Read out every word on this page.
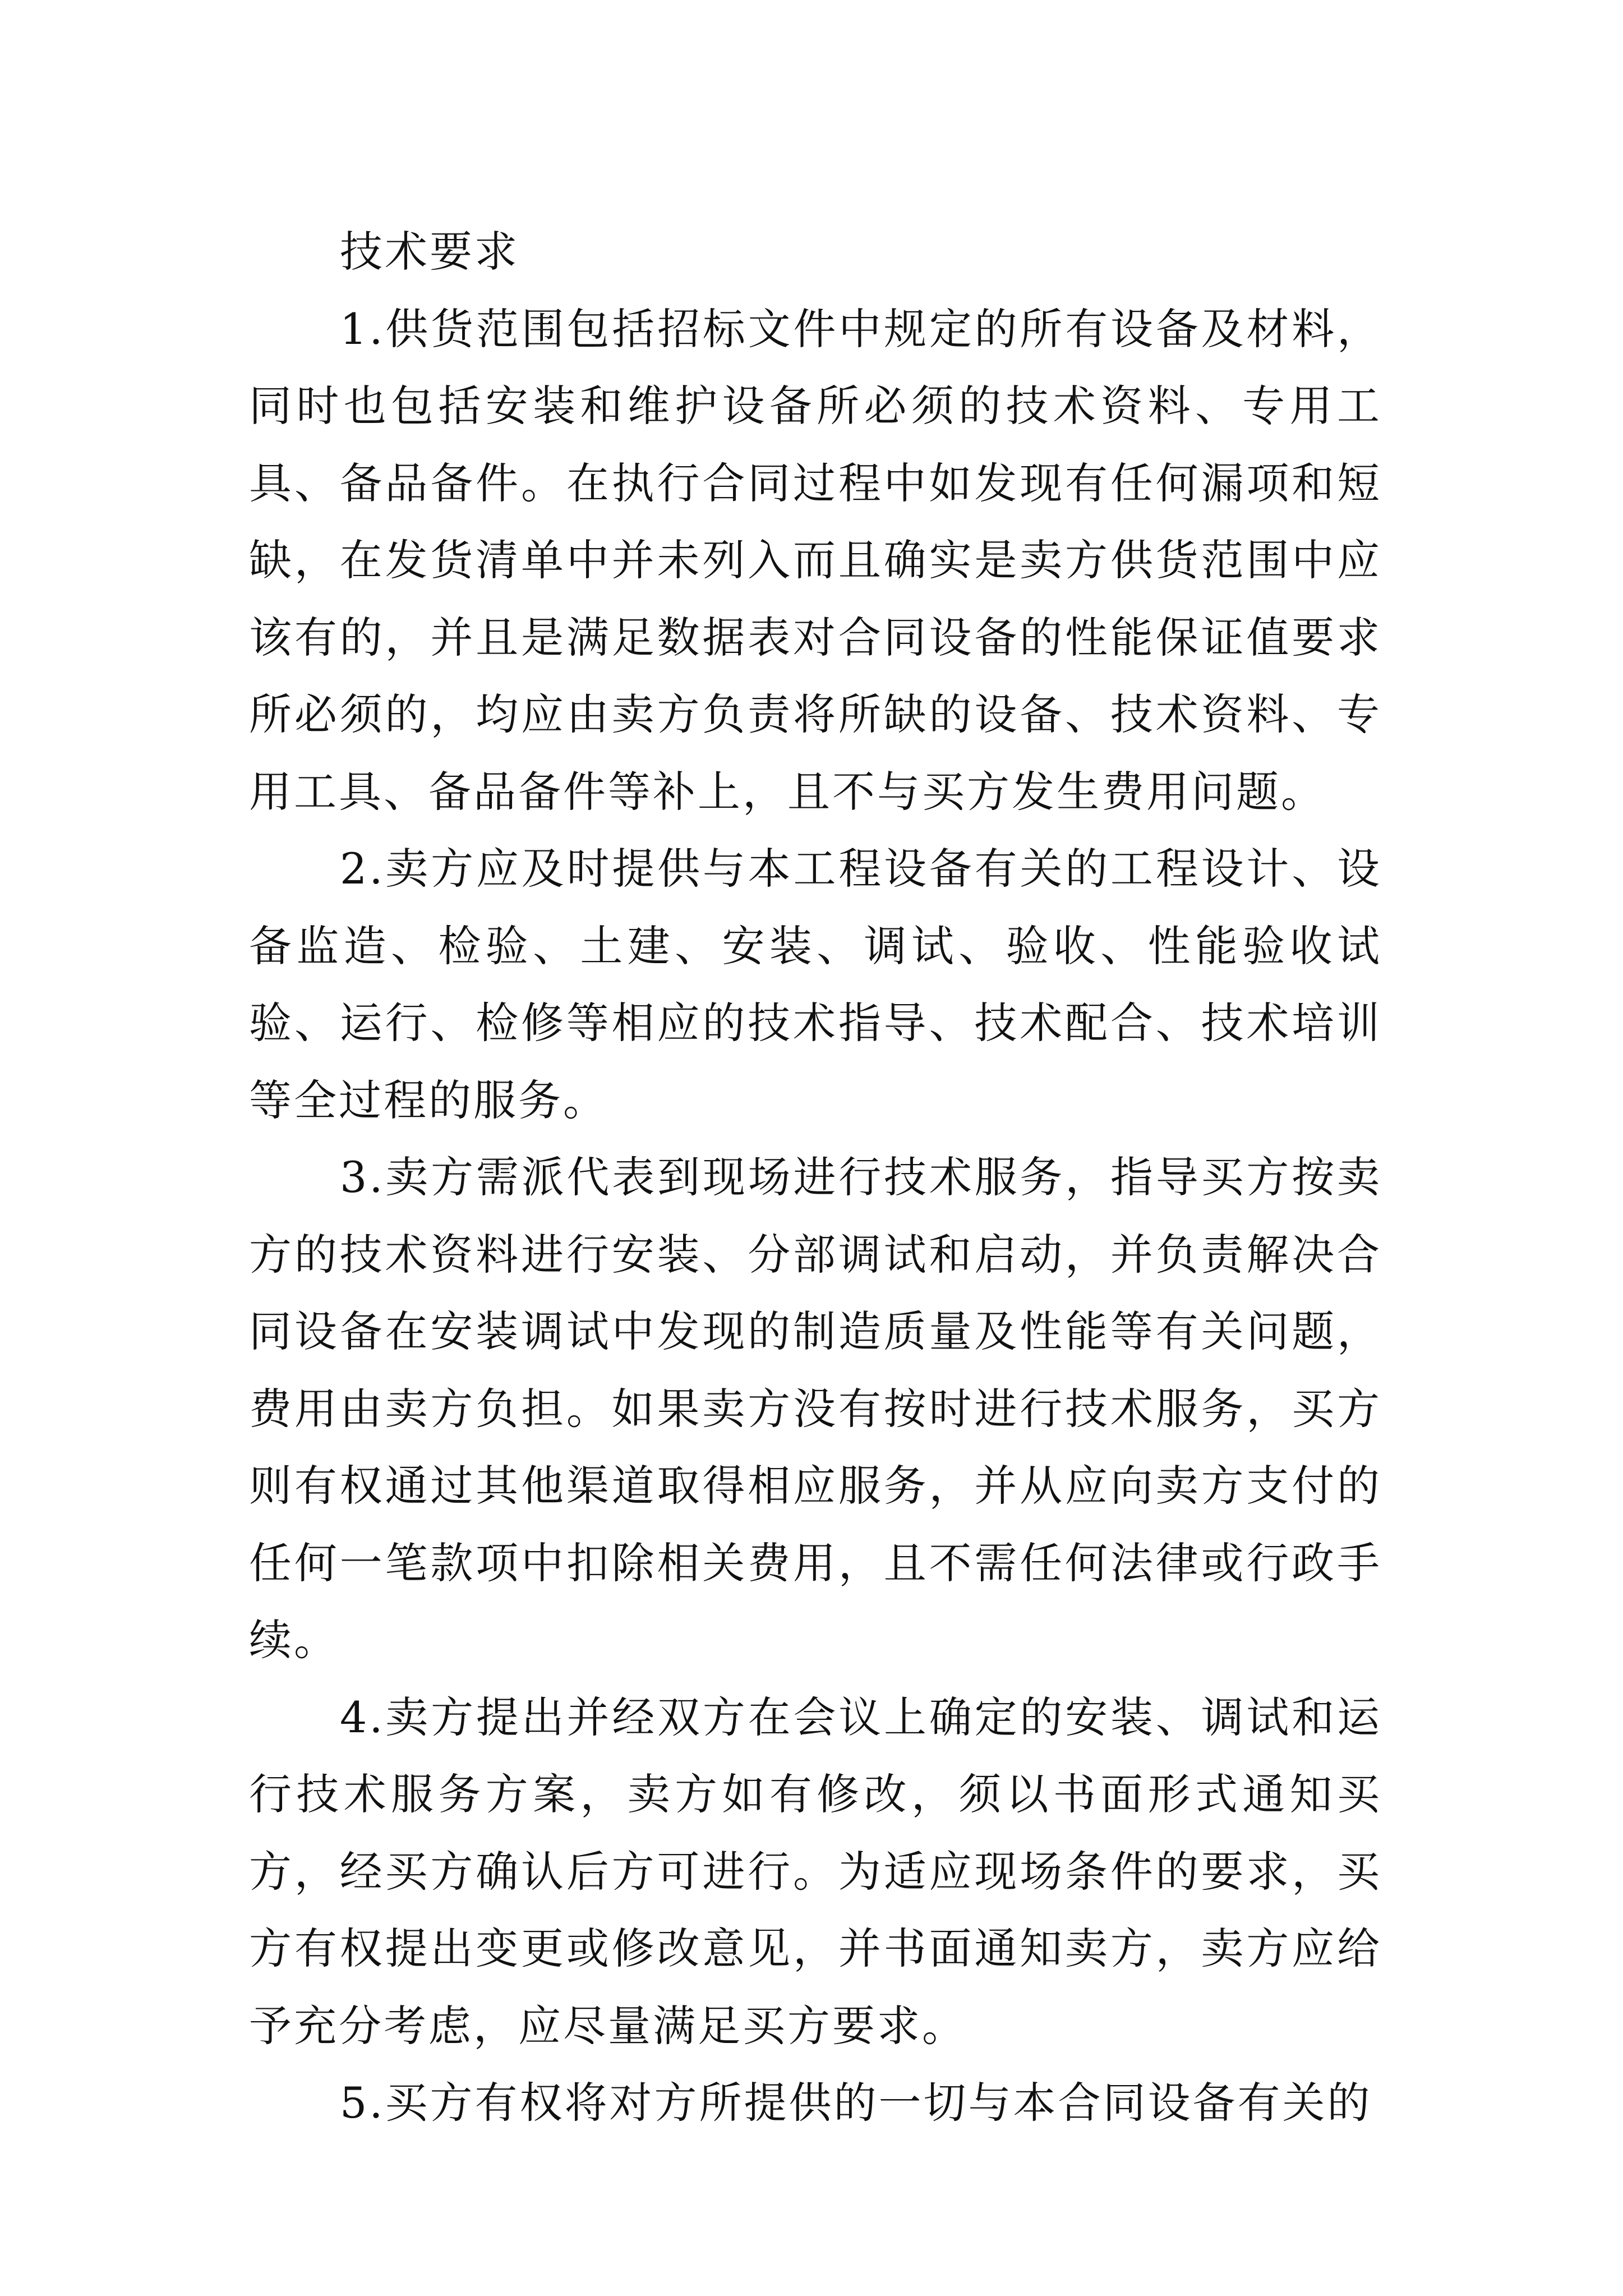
技术要求

1.供货范围包括招标文件中规定的所有设备及材料，同时也包括安装和维护设备所必须的技术资料、专用工具、备品备件。在执行合同过程中如发现有任何漏项和短缺，在发货清单中并未列入而且确实是卖方供货范围中应该有的，并且是满足数据表对合同设备的性能保证值要求所必须的，均应由卖方负责将所缺的设备、技术资料、专用工具、备品备件等补上，且不与买方发生费用问题。

2.卖方应及时提供与本工程设备有关的工程设计、设备监造、检验、土建、安装、调试、验收、性能验收试验、运行、检修等相应的技术指导、技术配合、技术培训等全过程的服务。

3.卖方需派代表到现场进行技术服务，指导买方按卖方的技术资料进行安装、分部调试和启动，并负责解决合同设备在安装调试中发现的制造质量及性能等有关问题，费用由卖方负担。如果卖方没有按时进行技术服务，买方则有权通过其他渠道取得相应服务，并从应向卖方支付的任何一笔款项中扣除相关费用，且不需任何法律或行政手续。

4.卖方提出并经双方在会议上确定的安装、调试和运行技术服务方案，卖方如有修改，须以书面形式通知买方，经买方确认后方可进行。为适应现场条件的要求，买方有权提出变更或修改意见，并书面通知卖方，卖方应给予充分考虑，应尽量满足买方要求。

5.买方有权将对方所提供的一切与本合同设备有关的
